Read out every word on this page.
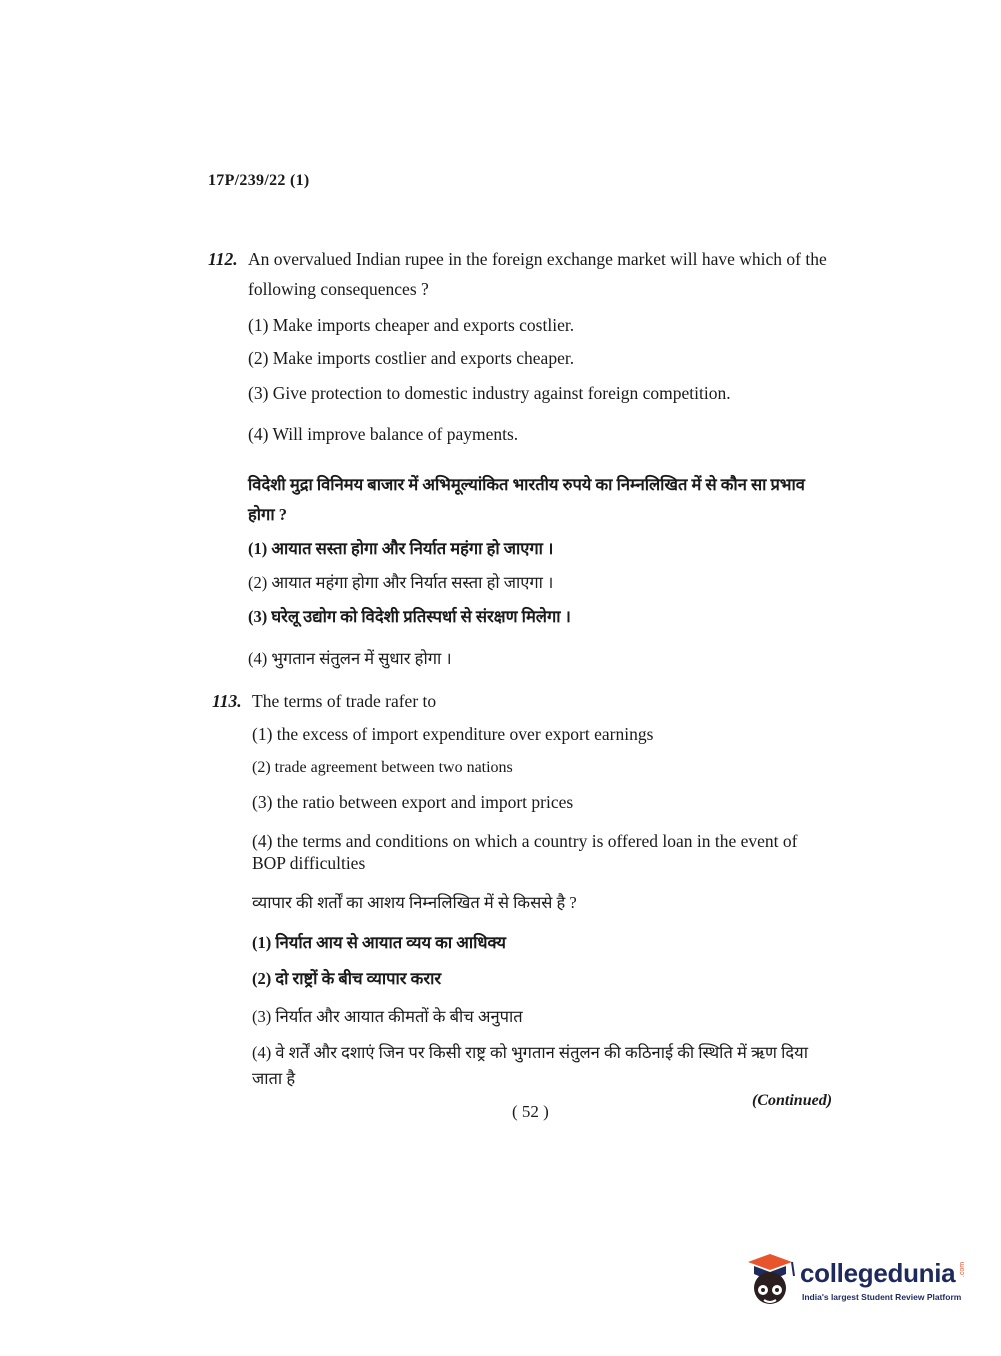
17P/239/22 (1)
112. An overvalued Indian rupee in the foreign exchange market will have which of the following consequences ?
(1) Make imports cheaper and exports costlier.
(2) Make imports costlier and exports cheaper.
(3) Give protection to domestic industry against foreign competition.
(4) Will improve balance of payments.
विदेशी मुद्रा विनिमय बाजार में अभिमूल्यांकित भारतीय रुपये का निम्नलिखित में से कौन सा प्रभाव होगा ?
(1) आयात सस्ता होगा और निर्यात महंगा हो जाएगा ।
(2) आयात महंगा होगा और निर्यात सस्ता हो जाएगा ।
(3) घरेलू उद्योग को विदेशी प्रतिस्पर्धा से संरक्षण मिलेगा ।
(4) भुगतान संतुलन में सुधार होगा ।
113. The terms of trade rafer to
(1) the excess of import expenditure over export earnings
(2) trade agreement between two nations
(3) the ratio between export and import prices
(4) the terms and conditions on which a country is offered loan in the event of BOP difficulties
व्यापार की शर्तों का आशय निम्नलिखित में से किससे है ?
(1) निर्यात आय से आयात व्यय का आधिक्य
(2) दो राष्ट्रों के बीच व्यापार करार
(3) निर्यात और आयात कीमतों के बीच अनुपात
(4) वे शर्तें और दशाएं जिन पर किसी राष्ट्र को भुगतान संतुलन की कठिनाई की स्थिति में ऋण दिया जाता है
( 52 )
(Continued)
collegedunia .com
India's largest Student Review Platform
